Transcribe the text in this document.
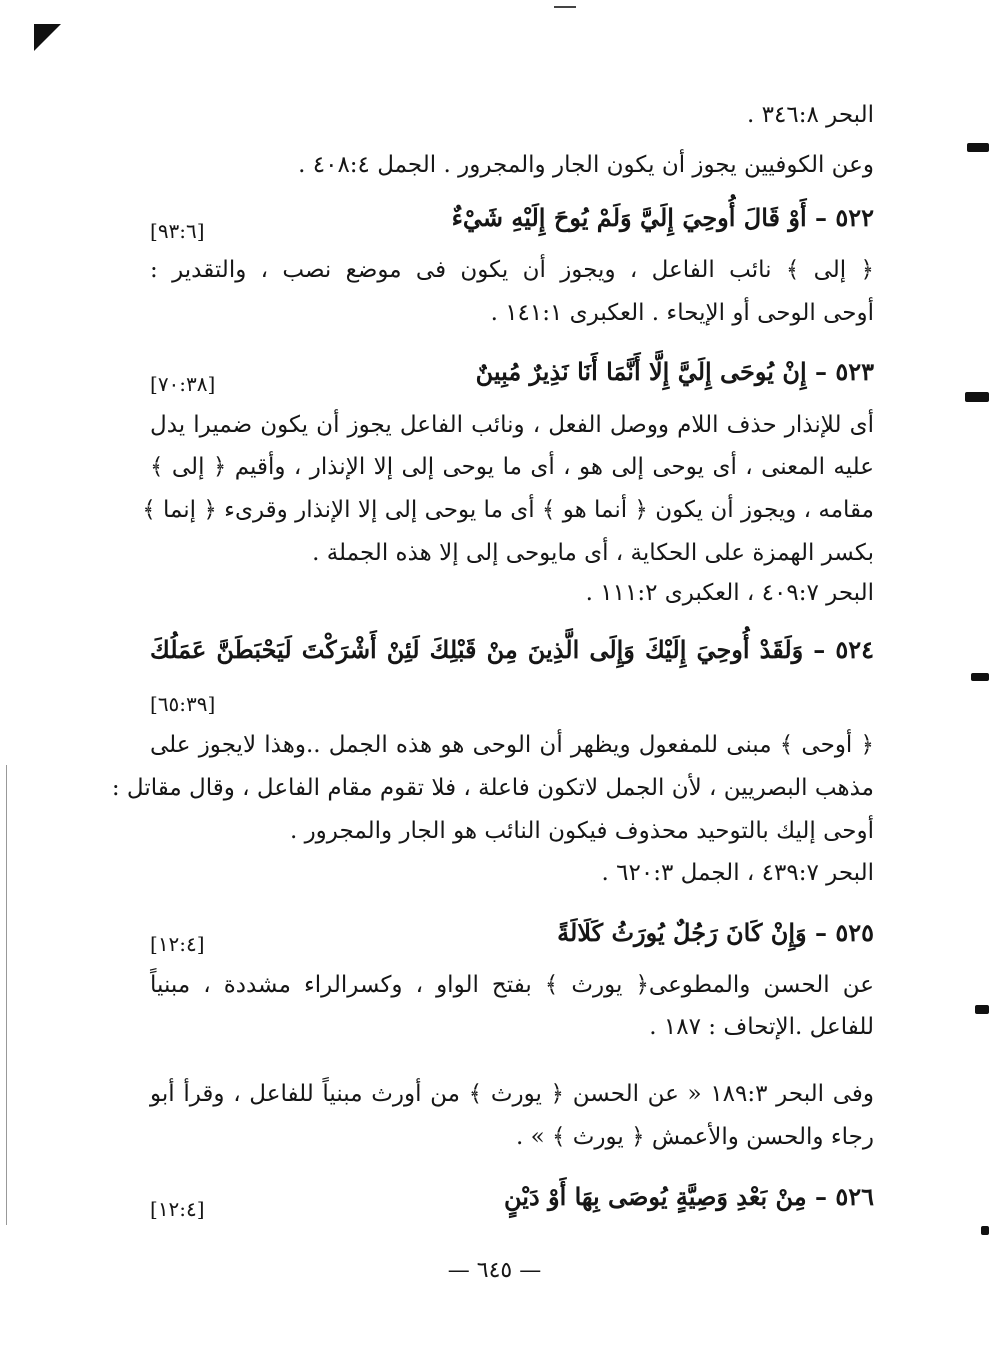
البحر ٣٤٦:٨ .
وعن الكوفيين يجوز أن يكون الجار والمجرور . الجمل ٤٠٨:٤ .
٥٢٢ – أَوْ قَالَ أُوحِيَ إِلَيَّ وَلَمْ يُوحَ إِلَيْهِ شَيْءٌ
[٩٣:٦]
﴿ إلى ﴾ نائب الفاعل ، ويجوز أن يكون فى موضع نصب ، والتقدير :
أوحى الوحى أو الإيحاء . العكبرى ١٤١:١ .
٥٢٣ – إِنْ يُوحَى إِلَيَّ إِلَّا أَنَّمَا أَنَا نَذِيرٌ مُبِينٌ
[٧٠:٣٨]
أى للإنذار حذف اللام ووصل الفعل ، ونائب الفاعل يجوز أن يكون ضميرا يدل
عليه المعنى ، أى يوحى إلى هو ، أى ما يوحى إلى إلا الإنذار ، وأقيم ﴿ إلى ﴾
مقامه ، ويجوز أن يكون ﴿ أنما هو ﴾ أى ما يوحى إلى إلا الإنذار وقرىء ﴿ إنما ﴾
بكسر الهمزة على الحكاية ، أى مايوحى إلى إلا هذه الجملة .
البحر ٤٠٩:٧ ، العكبرى ١١١:٢ .
٥٢٤ – وَلَقَدْ أُوحِيَ إِلَيْكَ وَإِلَى الَّذِينَ مِنْ قَبْلِكَ لَئِنْ أَشْرَكْتَ لَيَحْبَطَنَّ عَمَلُكَ
[٦٥:٣٩]
﴿ أوحى ﴾ مبنى للمفعول ويظهر أن الوحى هو هذه الجمل ..وهذا لايجوز على
مذهب البصريين ، لأن الجمل لاتكون فاعلة ، فلا تقوم مقام الفاعل ، وقال مقاتل :
أوحى إليك بالتوحيد محذوف فيكون النائب هو الجار والمجرور .
البحر ٤٣٩:٧ ، الجمل ٦٢٠:٣ .
٥٢٥ – وَإِنْ كَانَ رَجُلٌ يُورَثُ كَلَالَةً
[١٢:٤]
عن الحسن والمطوعى﴿ يورث ﴾ بفتح الواو ، وكسرالراء مشددة ، مبنياً
للفاعل .الإتحاف : ١٨٧ .
وفى البحر ١٨٩:٣ « عن الحسن ﴿ يورث ﴾ من أورث مبنياً للفاعل ، وقرأ أبو
رجاء والحسن والأعمش ﴿ يورث ﴾ » .
٥٢٦ – مِنْ بَعْدِ وَصِيَّةٍ يُوصَى بِهَا أَوْ دَيْنٍ
[١٢:٤]
— ٦٤٥ —
